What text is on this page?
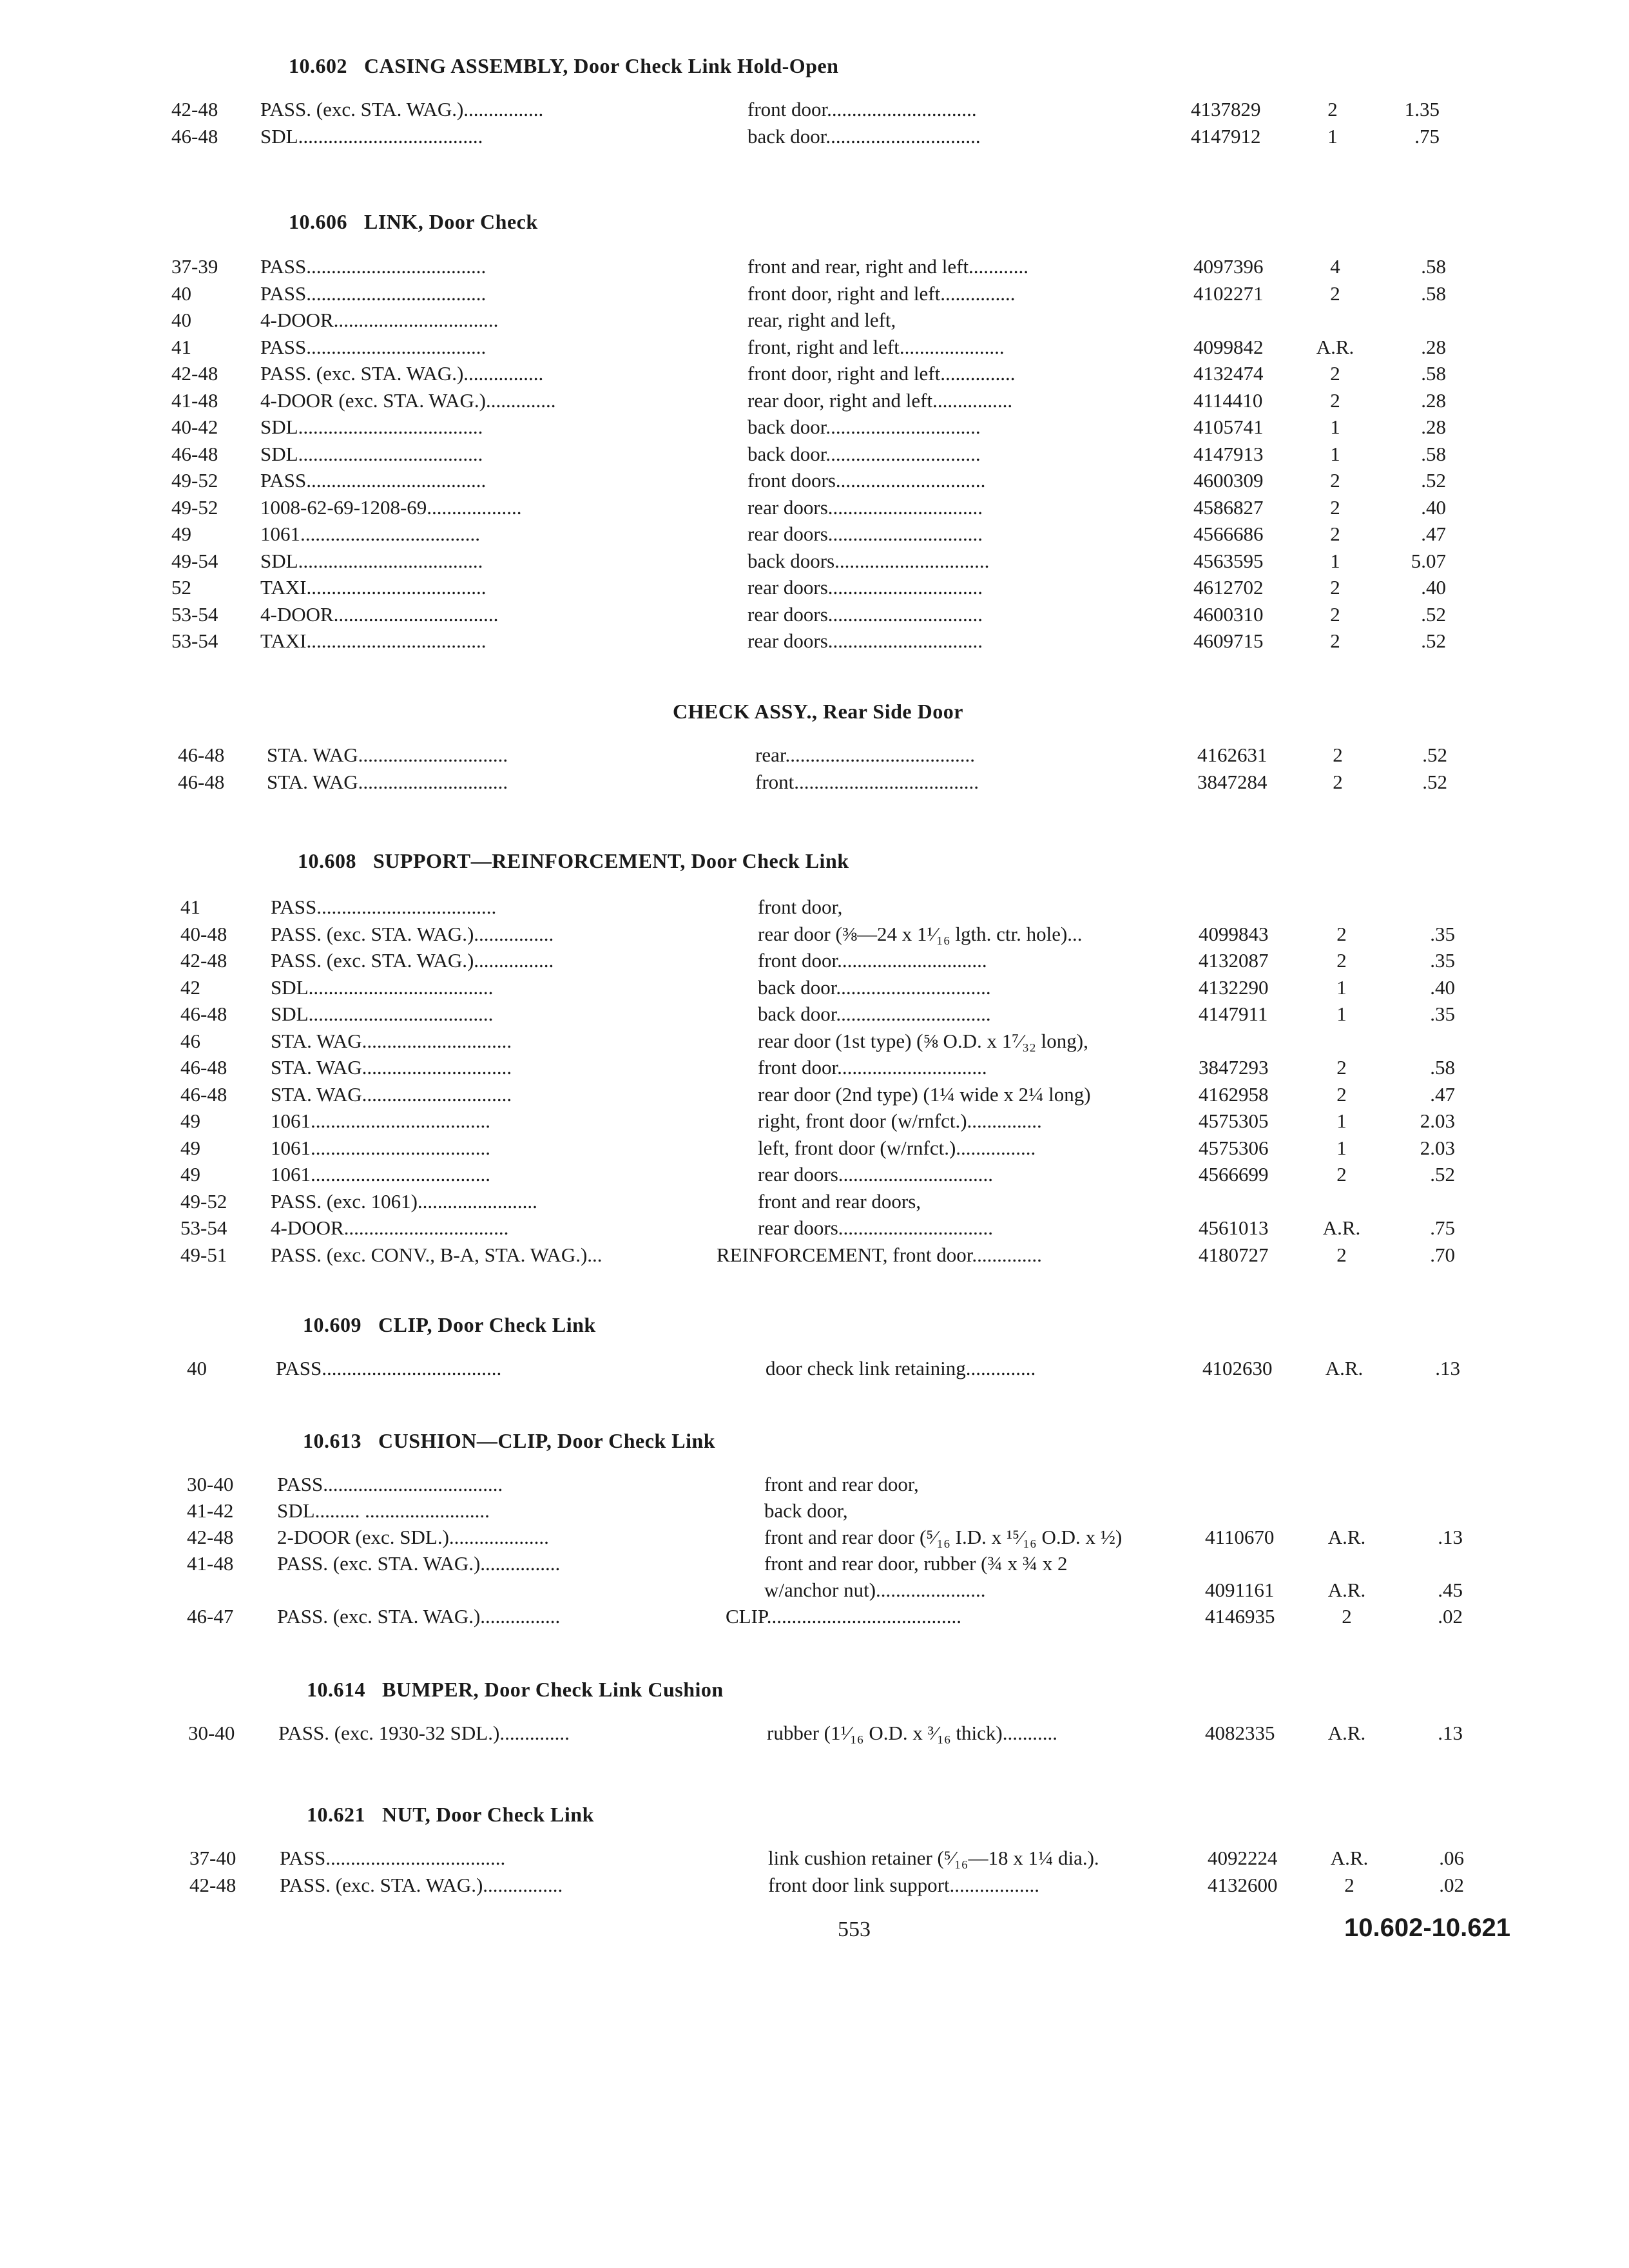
10.602 CASING ASSEMBLY, Door Check Link Hold-Open
10.606 LINK, Door Check
CHECK ASSY., Rear Side Door
10.608 SUPPORT—REINFORCEMENT, Door Check Link
10.609 CLIP, Door Check Link
10.613 CUSHION—CLIP, Door Check Link
10.614 BUMPER, Door Check Link Cushion
10.621 NUT, Door Check Link
42-48	PASS. (exc. STA. WAG.)................	front door..............................	4137829	2	1.35
46-48	SDL.....................................	back door...............................	4147912	1	.75
37-39	PASS....................................	front and rear, right and left............	4097396	4	.58
40	PASS....................................	front door, right and left...............	4102271	2	.58
40	4-DOOR.................................	rear, right and left,
41	PASS....................................	front, right and left.....................	4099842	A.R.	.28
42-48	PASS. (exc. STA. WAG.)................	front door, right and left...............	4132474	2	.58
41-48	4-DOOR (exc. STA. WAG.)..............	rear door, right and left................	4114410	2	.28
40-42	SDL.....................................	back door...............................	4105741	1	.28
46-48	SDL.....................................	back door...............................	4147913	1	.58
49-52	PASS....................................	front doors..............................	4600309	2	.52
49-52	1008-62-69-1208-69...................	rear doors...............................	4586827	2	.40
49	1061....................................	rear doors...............................	4566686	2	.47
49-54	SDL.....................................	back doors...............................	4563595	1	5.07
52	TAXI....................................	rear doors...............................	4612702	2	.40
53-54	4-DOOR.................................	rear doors...............................	4600310	2	.52
53-54	TAXI....................................	rear doors...............................	4609715	2	.52
46-48	STA. WAG..............................	rear......................................	4162631	2	.52
46-48	STA. WAG..............................	front.....................................	3847284	2	.52
41	PASS....................................	front door,
40-48	PASS. (exc. STA. WAG.)................	rear door (⅜—24 x 1¹⁄₁₆ lgth. ctr. hole)...	4099843	2	.35
42-48	PASS. (exc. STA. WAG.)................	front door..............................	4132087	2	.35
42	SDL.....................................	back door...............................	4132290	1	.40
46-48	SDL.....................................	back door...............................	4147911	1	.35
46	STA. WAG..............................	rear door (1st type) (⅝ O.D. x 1⁷⁄₃₂ long),
46-48	STA. WAG..............................	front door..............................	3847293	2	.58
46-48	STA. WAG..............................	rear door (2nd type) (1¼ wide x 2¼ long)	4162958	2	.47
49	1061....................................	right, front door (w/rnfct.)...............	4575305	1	2.03
49	1061....................................	left, front door (w/rnfct.)................	4575306	1	2.03
49	1061....................................	rear doors...............................	4566699	2	.52
49-52	PASS. (exc. 1061)........................	front and rear doors,
53-54	4-DOOR.................................	rear doors...............................	4561013	A.R.	.75
49-51	PASS. (exc. CONV., B-A, STA. WAG.)...	REINFORCEMENT, front door..............	4180727	2	.70
40	PASS....................................	door check link retaining..............	4102630	A.R.	.13
30-40	PASS....................................	front and rear door,
41-42	SDL......... .........................	back door,
42-48	2-DOOR (exc. SDL.)....................	front and rear door (⁵⁄₁₆ I.D. x ¹⁵⁄₁₆ O.D. x ½)	4110670	A.R.	.13
41-48	PASS. (exc. STA. WAG.)................	front and rear door, rubber (¾ x ¾ x 2
w/anchor nut)......................	4091161	A.R.	.45
46-47	PASS. (exc. STA. WAG.)................	CLIP.......................................	4146935	2	.02
30-40	PASS. (exc. 1930-32 SDL.)..............	rubber (1¹⁄₁₆ O.D. x ³⁄₁₆ thick)...........	4082335	A.R.	.13
37-40	PASS....................................	link cushion retainer (⁵⁄₁₆—18 x 1¼ dia.).	4092224	A.R.	.06
42-48	PASS. (exc. STA. WAG.)................	front door link support..................	4132600	2	.02
553	10.602-10.621
